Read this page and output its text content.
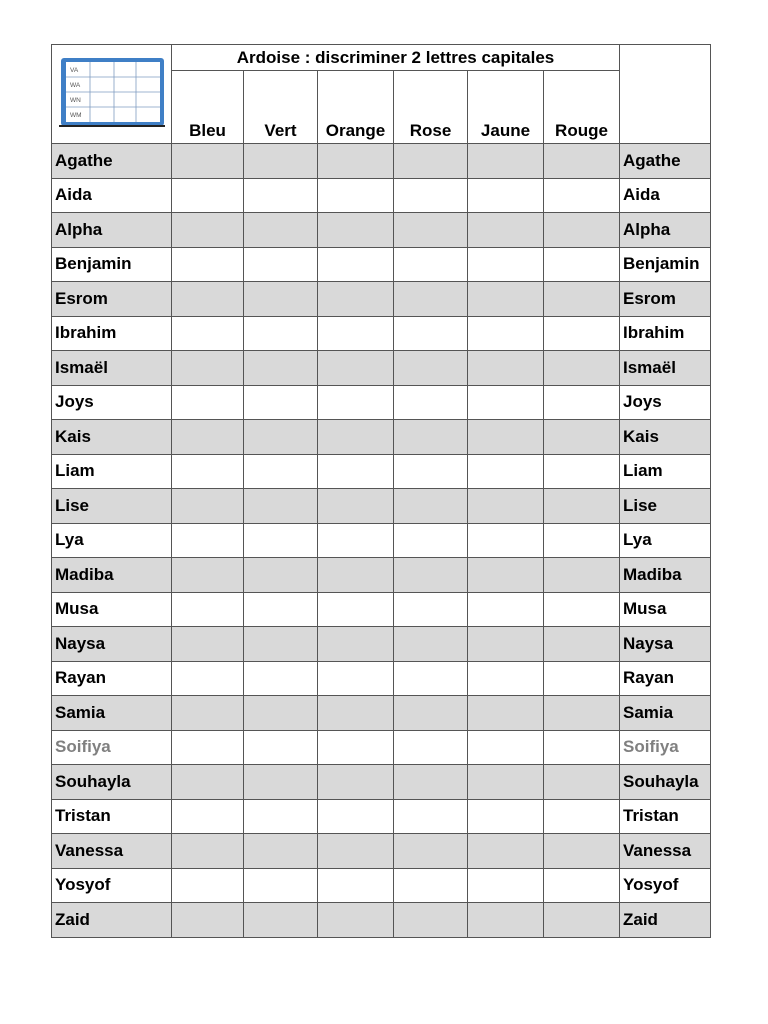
VA
WA
WN
WM	Ardoise : discriminer 2 lettres capitales						
	Bleu	Vert	Orange	Rose	Jaune	Rouge	
Agathe							Agathe
Aida							Aida
Alpha							Alpha
Benjamin							Benjamin
Esrom							Esrom
Ibrahim							Ibrahim
Ismaël							Ismaël
Joys							Joys
Kais							Kais
Liam							Liam
Lise							Lise
Lya							Lya
Madiba							Madiba
Musa							Musa
Naysa							Naysa
Rayan							Rayan
Samia							Samia
Soifiya							Soifiya
Souhayla							Souhayla
Tristan							Tristan
Vanessa							Vanessa
Yosyof							Yosyof
Zaid							Zaid
